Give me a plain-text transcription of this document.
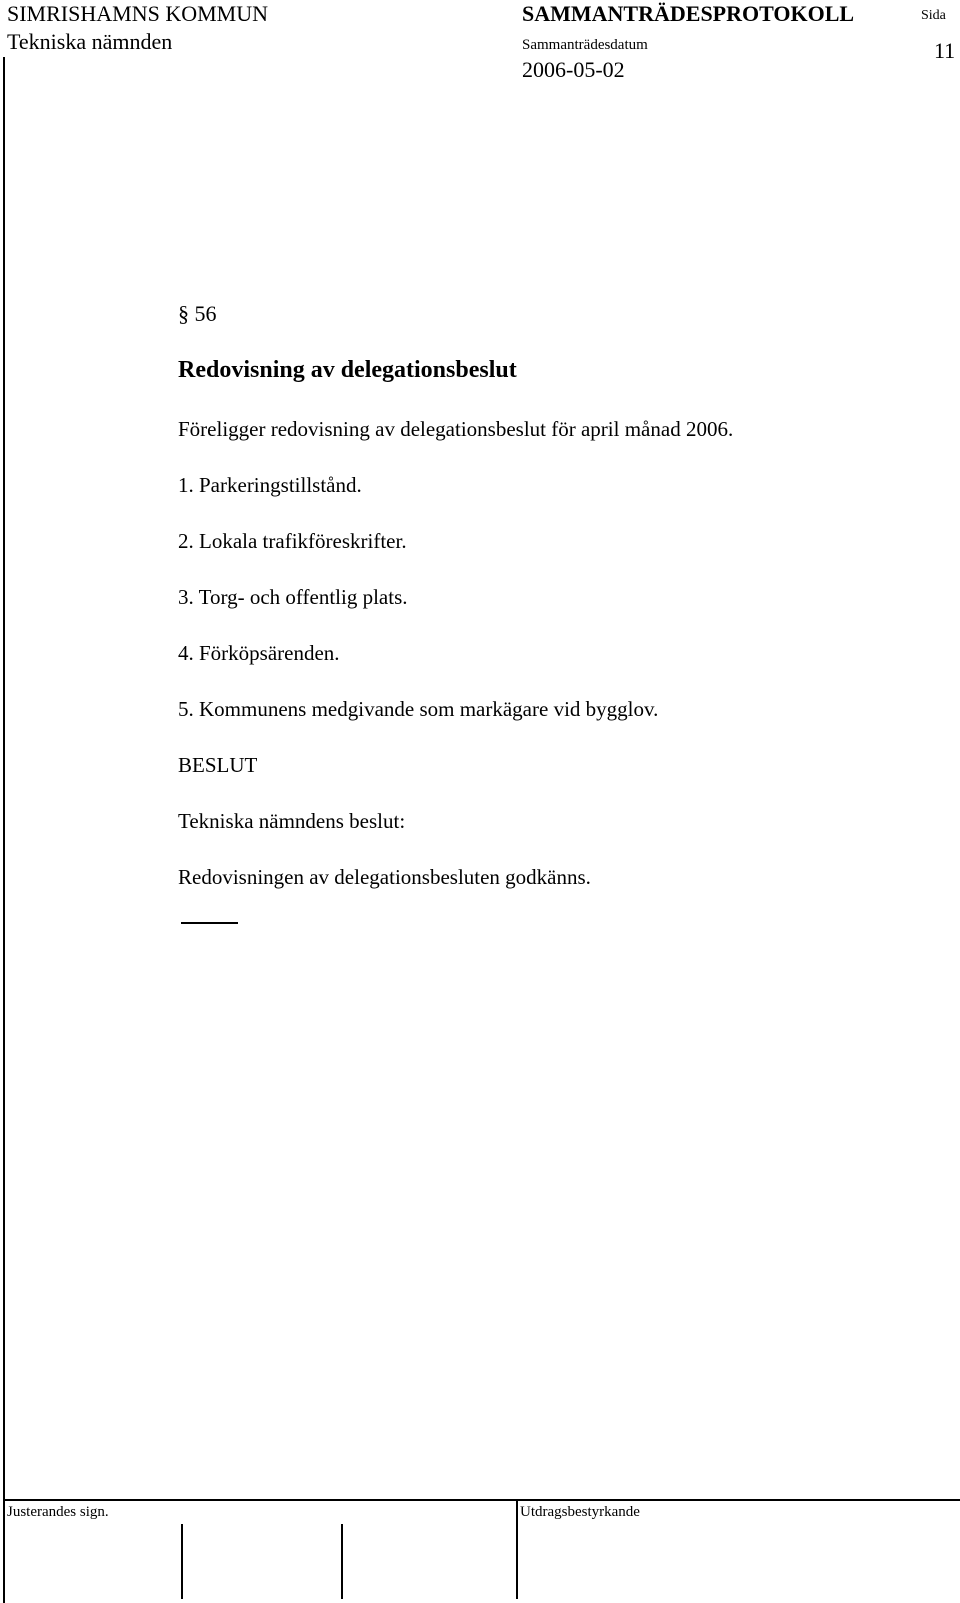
SIMRISHAMNS KOMMUN
Tekniska nämnden
SAMMANTRÄDESPROTOKOLL
Sammanträdesdatum
2006-05-02
Sida
11
§ 56
Redovisning av delegationsbeslut
Föreligger redovisning av delegationsbeslut för april månad 2006.
1. Parkeringstillstånd.
2. Lokala trafikföreskrifter.
3. Torg- och offentlig plats.
4. Förköpsärenden.
5. Kommunens medgivande som markägare vid bygglov.
BESLUT
Tekniska nämndens beslut:
Redovisningen av delegationsbesluten godkänns.
Justerandes sign.	Utdragsbestyrkande
